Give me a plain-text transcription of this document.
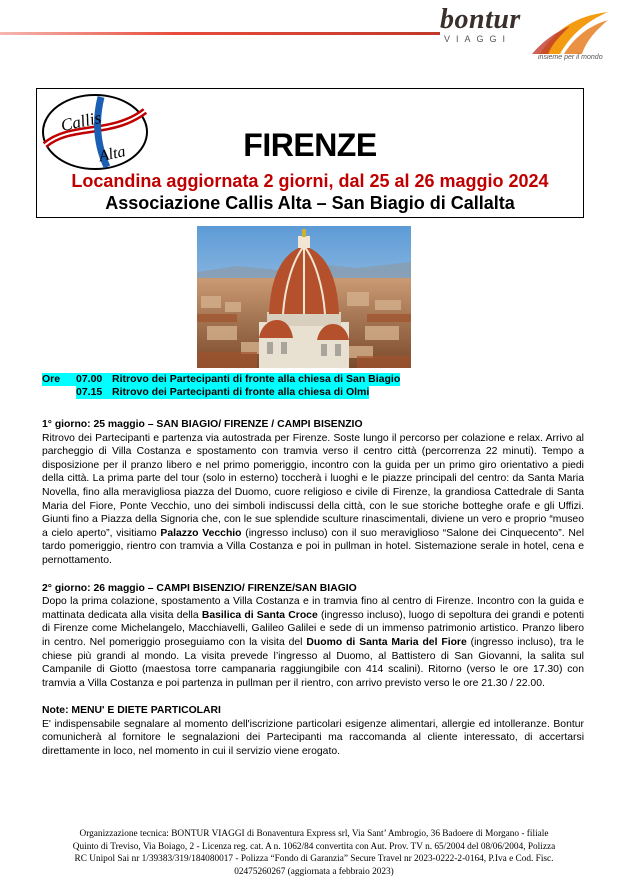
bontur
VIAGGI
insieme per il mondo
Callis
Alta	FIRENZE
Locandina aggiornata 2 giorni, dal 25 al 26 maggio 2024
Associazione Callis Alta – San Biagio di Callalta
Ore 07.00 Ritrovo dei Partecipanti di fronte alla chiesa di San Biagio
07.15 Ritrovo dei Partecipanti di fronte alla chiesa di Olmi

1° giorno: 25 maggio – SAN BIAGIO/ FIRENZE / CAMPI BISENZIO

Ritrovo dei Partecipanti e partenza via autostrada per Firenze. Soste lungo il percorso per colazione e relax. Arrivo al parcheggio di Villa Costanza e spostamento con tramvia verso il centro città (percorrenza 22 minuti). Tempo a disposizione per il pranzo libero e nel primo pomeriggio, incontro con la guida per un primo giro orientativo a piedi della città. La prima parte del tour (solo in esterno) toccherà i luoghi e le piazze principali del centro: da Santa Maria Novella, fino alla meravigliosa piazza del Duomo, cuore religioso e civile di Firenze, la grandiosa Cattedrale di Santa Maria del Fiore, Ponte Vecchio, uno dei simboli indiscussi della città, con le sue storiche botteghe orafe e gli Uffizi. Giunti fino a Piazza della Signoria che, con le sue splendide sculture rinascimentali, diviene un vero e proprio “museo a cielo aperto”, visitiamo Palazzo Vecchio (ingresso incluso) con il suo meraviglioso “Salone dei Cinquecento”. Nel tardo pomeriggio, rientro con tramvia a Villa Costanza e poi in pullman in hotel. Sistemazione serale in hotel, cena e pernottamento.

2° giorno: 26 maggio – CAMPI BISENZIO/ FIRENZE/SAN BIAGIO

Dopo la prima colazione, spostamento a Villa Costanza e in tramvia fino al centro di Firenze. Incontro con la guida e mattinata dedicata alla visita della Basilica di Santa Croce (ingresso incluso), luogo di sepoltura dei grandi e potenti di Firenze come Michelangelo, Macchiavelli, Galileo Galilei e sede di un immenso patrimonio artistico. Pranzo libero in centro. Nel pomeriggio proseguiamo con la visita del Duomo di Santa Maria del Fiore (ingresso incluso), tra le chiese più grandi al mondo. La visita prevede l’ingresso al Duomo, al Battistero di San Giovanni, la salita sul Campanile di Giotto (maestosa torre campanaria raggiungibile con 414 scalini). Ritorno (verso le ore 17.30) con tramvia a Villa Costanza e poi partenza in pullman per il rientro, con arrivo previsto verso le ore 21.30 / 22.00.

Note: MENU' E DIETE PARTICOLARI

E' indispensabile segnalare al momento dell'iscrizione particolari esigenze alimentari, allergie ed intolleranze. Bontur comunicherà al fornitore le segnalazioni dei Partecipanti ma raccomanda al cliente interessato, di accertarsi direttamente in loco, nel momento in cui il servizio viene erogato.

Organizzazione tecnica: BONTUR VIAGGI di Bonaventura Express srl, Via Sant’ Ambrogio, 36 Badoere di Morgano - filiale
Quinto di Treviso, Via Boiago, 2 - Licenza reg. cat. A n. 1062/84 convertita con Aut. Prov. TV n. 65/2004 del 08/06/2004, Polizza
RC Unipol Sai nr 1/39383/319/184080017 - Polizza “Fondo di Garanzia” Secure Travel nr 2023-0222-2-0164, P.Iva e Cod. Fisc.
02475260267 (aggiornata a febbraio 2023)
